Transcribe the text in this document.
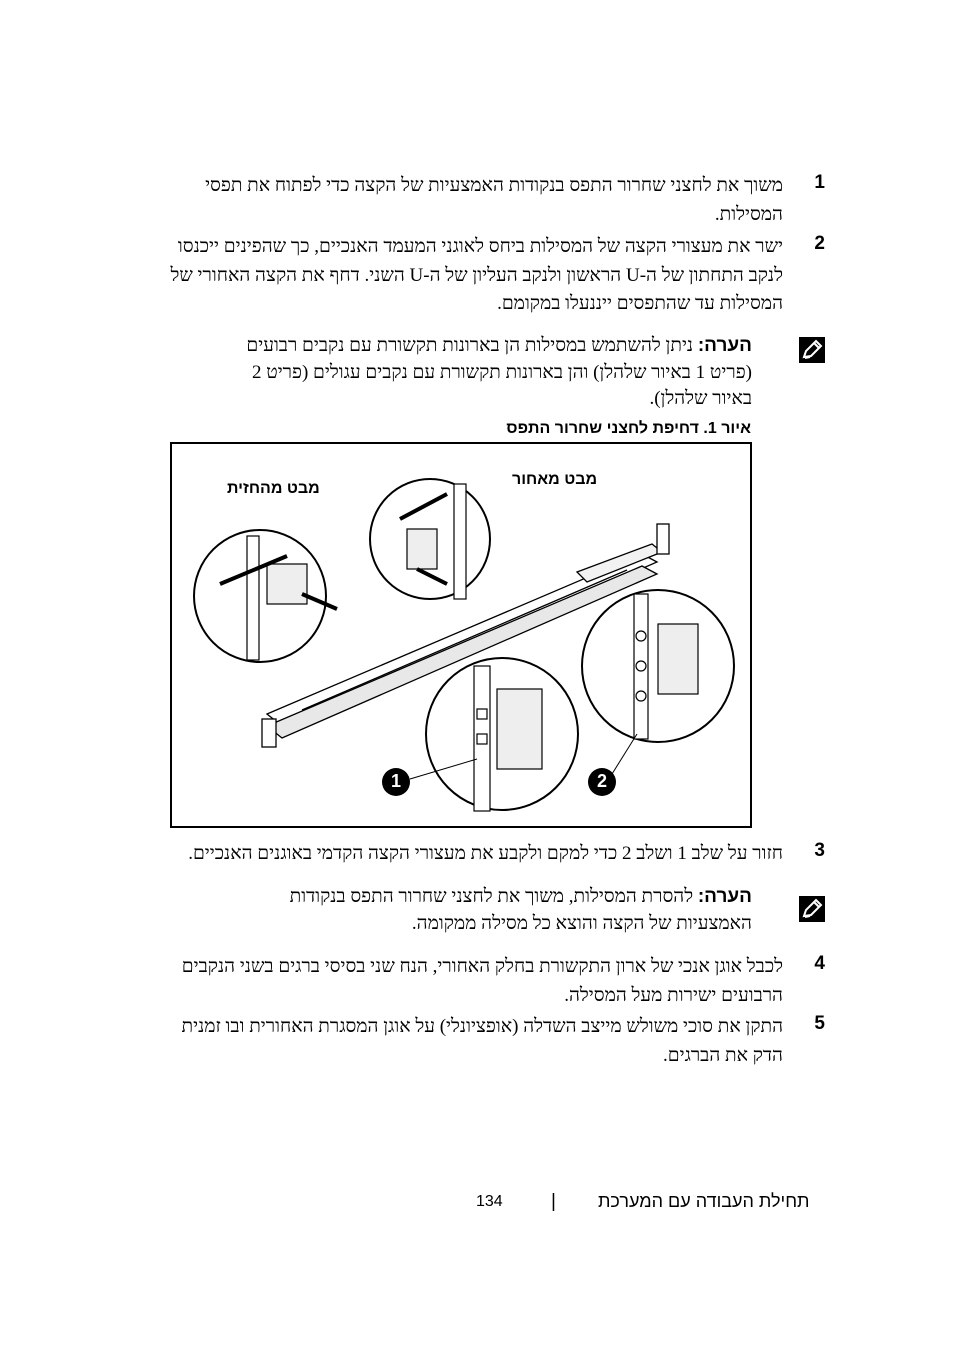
1
משוך את לחצני שחרור התפס בנקודות האמצעיות של הקצה כדי לפתוח את תפסי
המסילות.
2
ישר את מעצורי הקצה של המסילות ביחס לאוגני המעמד האנכיים, כך שהפינים ייכנסו
לנקב התחתון של ה-U הראשון ולנקב העליון של ה-U השני. דחף את הקצה האחורי של
המסילות עד שהתפסים ייננעלו במקומם.
הערה: ניתן להשתמש במסילות הן בארונות תקשורת עם נקבים רבועים
(פריט 1 באיור שלהלן) והן בארונות תקשורת עם נקבים עגולים (פריט 2
באיור שלהלן).
איור 1. דחיפת לחצני שחרור התפס
מבט מהחזית
מבט מאחור
1	2
3
חזור על שלב 1 ושלב 2 כדי למקם ולקבע את מעצורי הקצה הקדמי באוגנים האנכיים.
הערה: להסרת המסילות, משוך את לחצני שחרור התפס בנקודות
האמצעיות של הקצה והוצא כל מסילה ממקומה.
4
לכבל אוגן אנכי של ארון התקשורת בחלק האחורי, הנח שני בסיסי ברגים בשני הנקבים
הרבועים ישירות מעל המסילה.
5
התקן את סוכי משולש מייצב השדלה (אופציונלי) על אוגן המסגרת האחורית ובו זמנית
הדק את הברגים.
134	| תחילת העבודה עם המערכת
